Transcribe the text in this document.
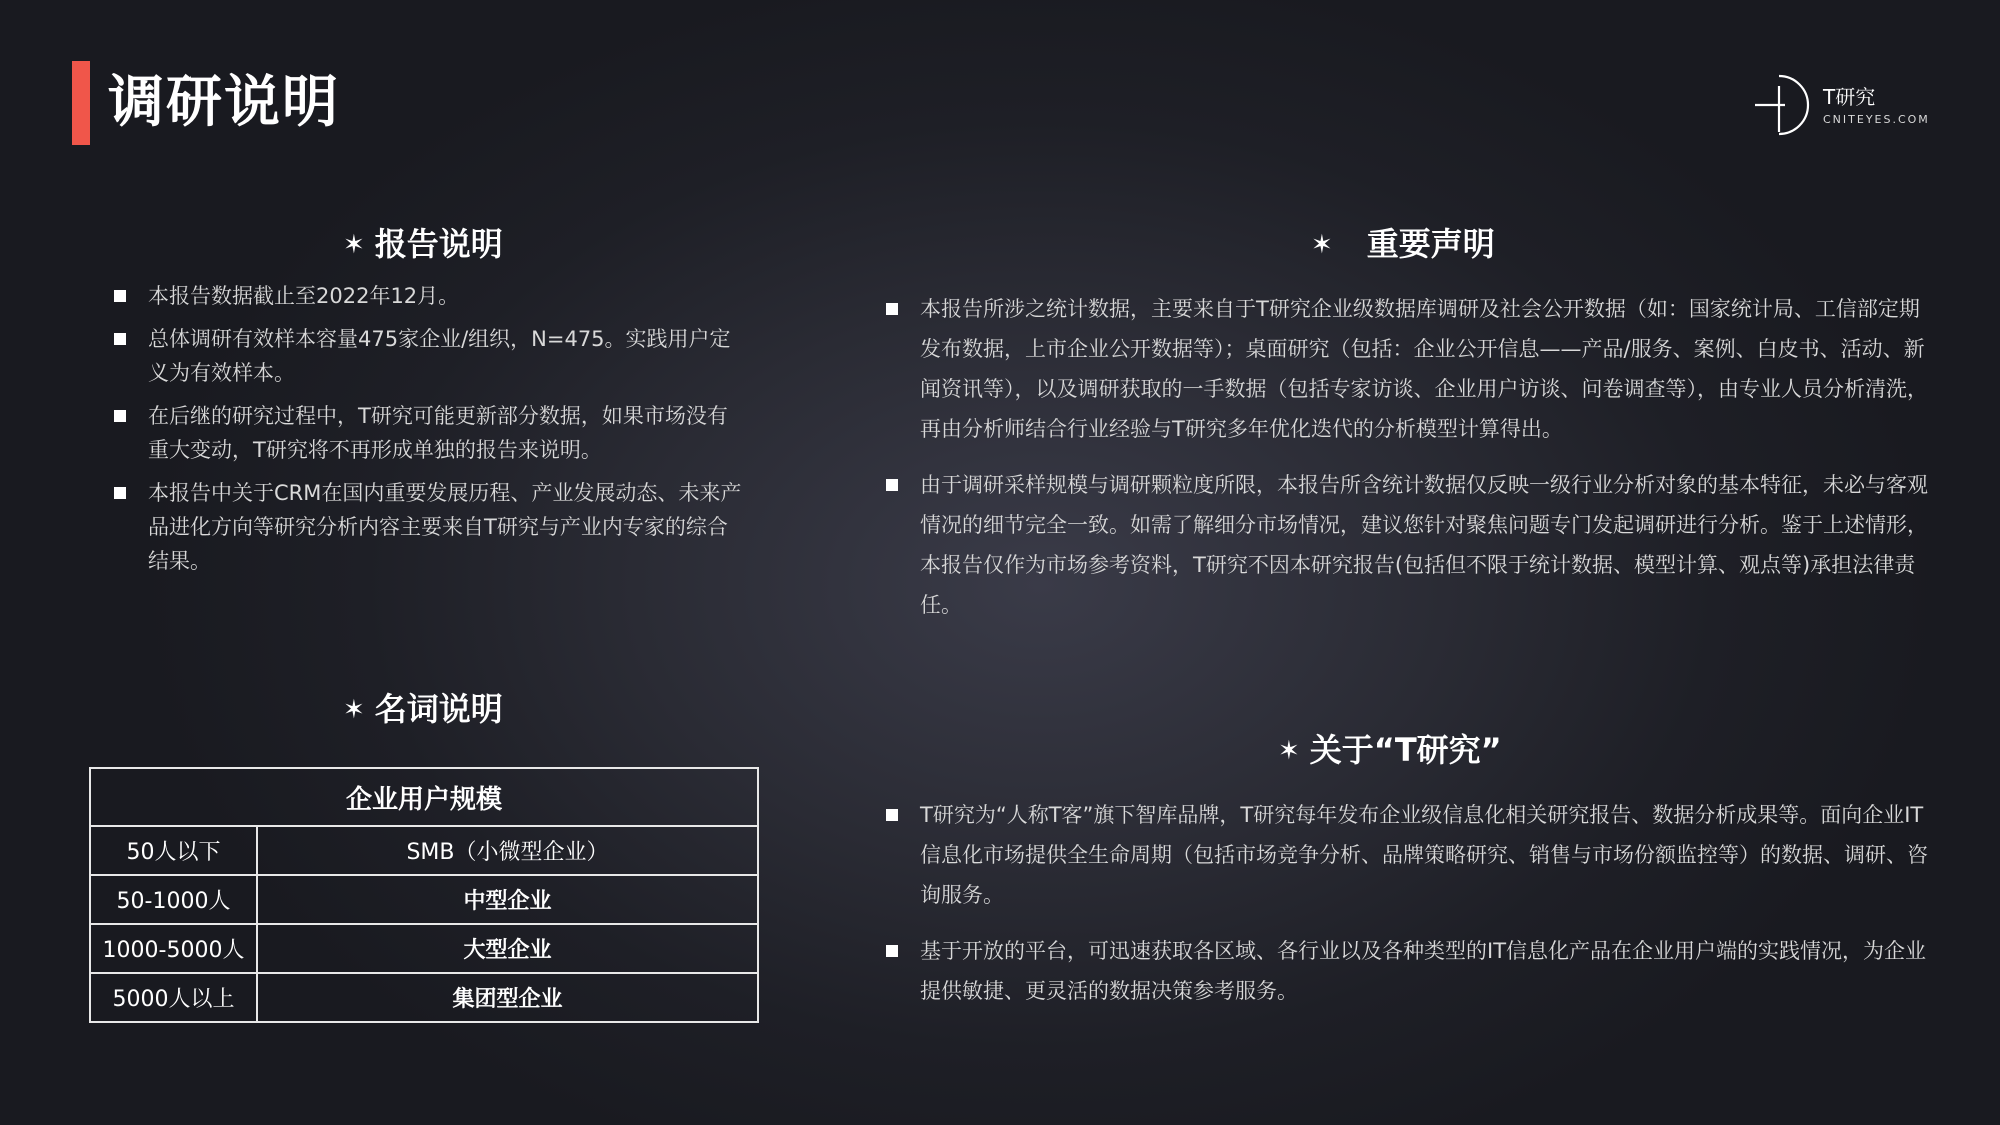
调研说明	T研究
CNITEYES.COM
✶ 报告说明
本报告数据截止至2022年12月。
总体调研有效样本容量475家企业/组织，N=475。实践用户定义为有效样本。
在后继的研究过程中，T研究可能更新部分数据，如果市场没有重大变动，T研究将不再形成单独的报告来说明。
本报告中关于CRM在国内重要发展历程、产业发展动态、未来产品进化方向等研究分析内容主要来自T研究与产业内专家的综合结果。
✶ 名词说明
企业用户规模	
50人以下	SMB（小微型企业）
50-1000人	中型企业
1000-5000人	大型企业
5000人以上	集团型企业
✶ 重要声明
本报告所涉之统计数据，主要来自于T研究企业级数据库调研及社会公开数据（如：国家统计局、工信部定期发布数据，上市企业公开数据等）；桌面研究（包括：企业公开信息——产品/服务、案例、白皮书、活动、新闻资讯等），以及调研获取的一手数据（包括专家访谈、企业用户访谈、问卷调查等），由专业人员分析清洗，再由分析师结合行业经验与T研究多年优化迭代的分析模型计算得出。
由于调研采样规模与调研颗粒度所限，本报告所含统计数据仅反映一级行业分析对象的基本特征，未必与客观情况的细节完全一致。如需了解细分市场情况，建议您针对聚焦问题专门发起调研进行分析。鉴于上述情形，本报告仅作为市场参考资料，T研究不因本研究报告(包括但不限于统计数据、模型计算、观点等)承担法律责任。
✶ 关于“T研究”
T研究为“人称T客”旗下智库品牌，T研究每年发布企业级信息化相关研究报告、数据分析成果等。面向企业IT信息化市场提供全生命周期（包括市场竞争分析、品牌策略研究、销售与市场份额监控等）的数据、调研、咨询服务。
基于开放的平台，可迅速获取各区域、各行业以及各种类型的IT信息化产品在企业用户端的实践情况，为企业提供敏捷、更灵活的数据决策参考服务。
